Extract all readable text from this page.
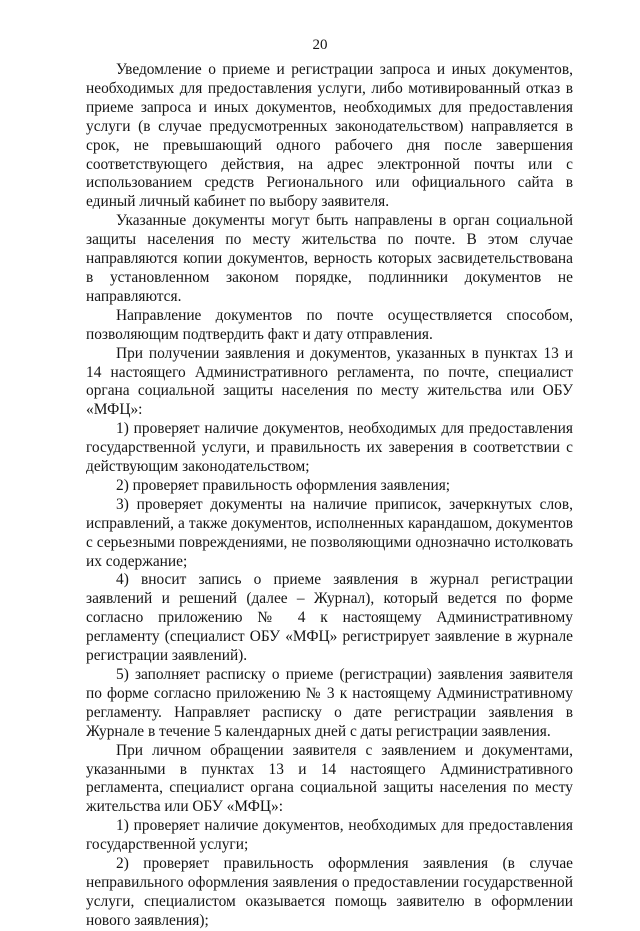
20

Уведомление о приеме и регистрации запроса и иных документов, необходимых для предоставления услуги, либо мотивированный отказ в приеме запроса и иных документов, необходимых для предоставления услуги (в случае предусмотренных законодательством) направляется в срок, не превышающий одного рабочего дня после завершения соответствующего действия, на адрес электронной почты или с использованием средств Регионального или официального сайта в единый личный кабинет по выбору заявителя.

Указанные документы могут быть направлены в орган социальной защиты населения по месту жительства по почте. В этом случае направляются копии документов, верность которых засвидетельствована в установленном законом порядке, подлинники документов не направляются.

Направление документов по почте осуществляется способом, позволяющим подтвердить факт и дату отправления.

При получении заявления и документов, указанных в пунктах 13 и 14 настоящего Административного регламента, по почте, специалист органа социальной защиты населения по месту жительства или ОБУ «МФЦ»:

1) проверяет наличие документов, необходимых для предоставления государственной услуги, и правильность их заверения в соответствии с действующим законодательством;

2) проверяет правильность оформления заявления;

3) проверяет документы на наличие приписок, зачеркнутых слов, исправлений, а также документов, исполненных карандашом, документов с серьезными повреждениями, не позволяющими однозначно истолковать их содержание;

4) вносит запись о приеме заявления в журнал регистрации заявлений и решений (далее – Журнал), который ведется по форме согласно приложению № 4 к настоящему Административному регламенту (специалист ОБУ «МФЦ» регистрирует заявление в журнале регистрации заявлений).

5) заполняет расписку о приеме (регистрации) заявления заявителя по форме согласно приложению № 3 к настоящему Административному регламенту. Направляет расписку о дате регистрации заявления в Журнале в течение 5 календарных дней с даты регистрации заявления.

При личном обращении заявителя с заявлением и документами, указанными в пунктах 13 и 14 настоящего Административного регламента, специалист органа социальной защиты населения по месту жительства или ОБУ «МФЦ»:

1) проверяет наличие документов, необходимых для предоставления государственной услуги;

2) проверяет правильность оформления заявления (в случае неправильного оформления заявления о предоставлении государственной услуги, специалистом оказывается помощь заявителю в оформлении нового заявления);
